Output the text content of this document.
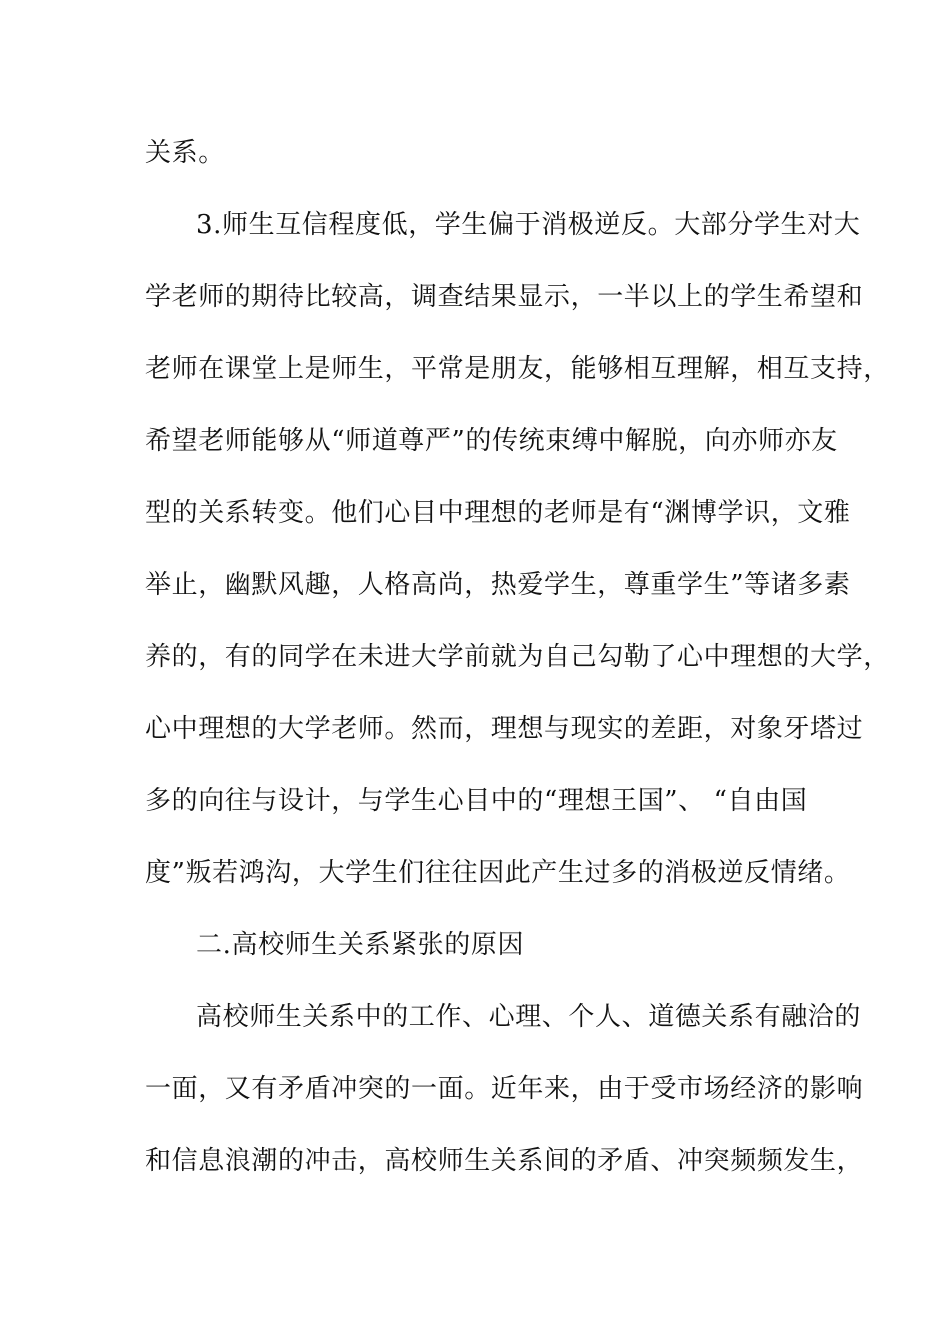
关系。

3.师生互信程度低，学生偏于消极逆反。大部分学生对大

学老师的期待比较高，调查结果显示，一半以上的学生希望和

老师在课堂上是师生，平常是朋友，能够相互理解，相互支持，

希望老师能够从“师道尊严”的传统束缚中解脱，向亦师亦友

型的关系转变。他们心目中理想的老师是有“渊博学识，文雅

举止，幽默风趣，人格高尚，热爱学生，尊重学生”等诸多素

养的，有的同学在未进大学前就为自己勾勒了心中理想的大学，

心中理想的大学老师。然而，理想与现实的差距，对象牙塔过

多的向往与设计，与学生心目中的“理想王国”、 “自由国

度”叛若鸿沟，大学生们往往因此产生过多的消极逆反情绪。

二.高校师生关系紧张的原因

高校师生关系中的工作、心理、个人、道德关系有融洽的

一面，又有矛盾冲突的一面。近年来，由于受市场经济的影响

和信息浪潮的冲击，高校师生关系间的矛盾、冲突频频发生，
